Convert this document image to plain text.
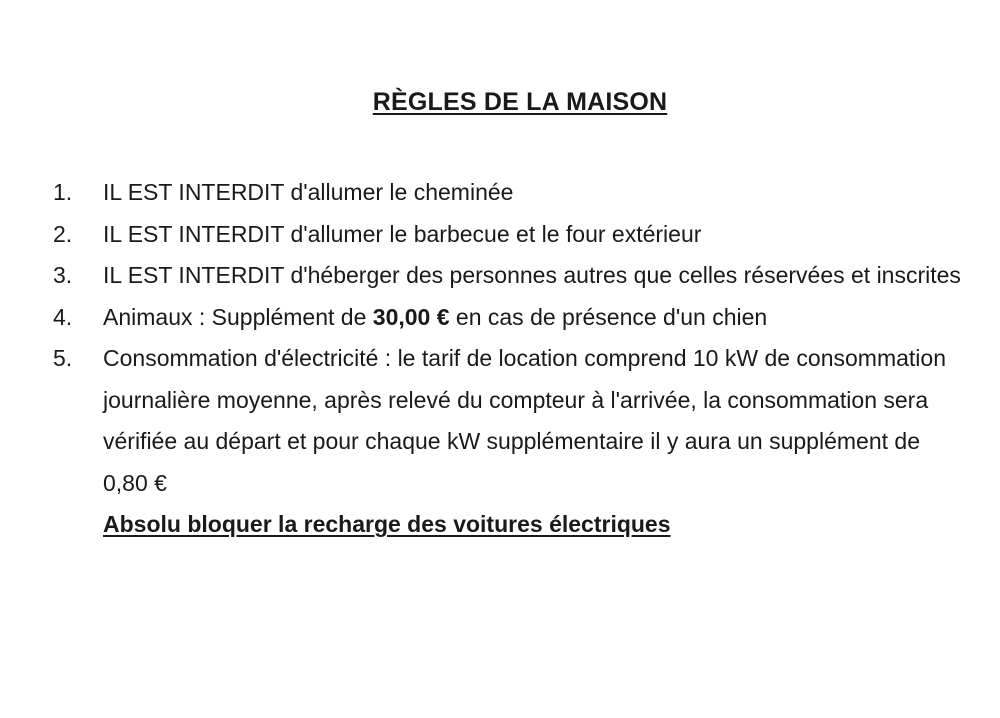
RÈGLES DE LA MAISON
1. IL EST INTERDIT d'allumer le cheminée
2. IL EST INTERDIT d'allumer le barbecue et le four extérieur
3. IL EST INTERDIT d'héberger des personnes autres que celles réservées et inscrites
4. Animaux : Supplément de 30,00 € en cas de présence d'un chien
5. Consommation d'électricité : le tarif de location comprend 10 kW de consommation journalière moyenne, après relevé du compteur à l'arrivée, la consommation sera vérifiée au départ et pour chaque kW supplémentaire il y aura un supplément de 0,80 €
Absolu bloquer la recharge des voitures électriques
